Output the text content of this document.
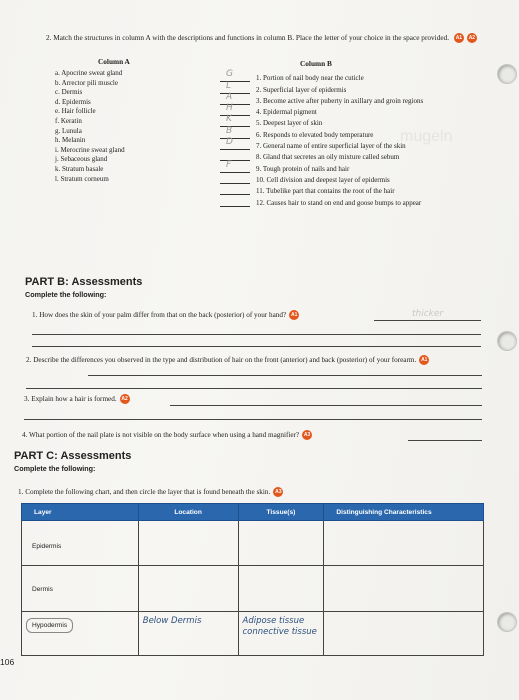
mugeln
2. Match the structures in column A with the descriptions and functions in column B. Place the letter of your choice in the space provided. A1 A2
Column A	Column B
a. Apocrine sweat gland
b. Arrector pili muscle
c. Dermis
d. Epidermis
e. Hair follicle
f. Keratin
g. Lunula
h. Melanin
i. Merocrine sweat gland
j. Sebaceous gland
k. Stratum basale
l. Stratum corneum
G	1. Portion of nail body near the cuticle
L	2. Superficial layer of epidermis
A	3. Become active after puberty in axillary and groin regions
H	4. Epidermal pigment
K	5. Deepest layer of skin
B	6. Responds to elevated body temperature
D	7. General name of entire superficial layer of the skin
8. Gland that secretes an oily mixture called sebum
F	9. Tough protein of nails and hair
10. Cell division and deepest layer of epidermis
11. Tubelike part that contains the root of the hair
12. Causes hair to stand on end and goose bumps to appear
PART B: Assessments
Complete the following:
1. How does the skin of your palm differ from that on the back (posterior) of your hand? A1	thicker
2. Describe the differences you observed in the type and distribution of hair on the front (anterior) and back (posterior) of your forearm. A1
3. Explain how a hair is formed. A2
4. What portion of the nail plate is not visible on the body surface when using a hand magnifier? A3
PART C: Assessments
Complete the following:
1. Complete the following chart, and then circle the layer that is found beneath the skin. A3
Layer	Location	Tissue(s)	Distinguishing Characteristics

Epidermis			

Dermis			

Hypodermis	Below Dermis	Adipose tissue connective tissue	

106
